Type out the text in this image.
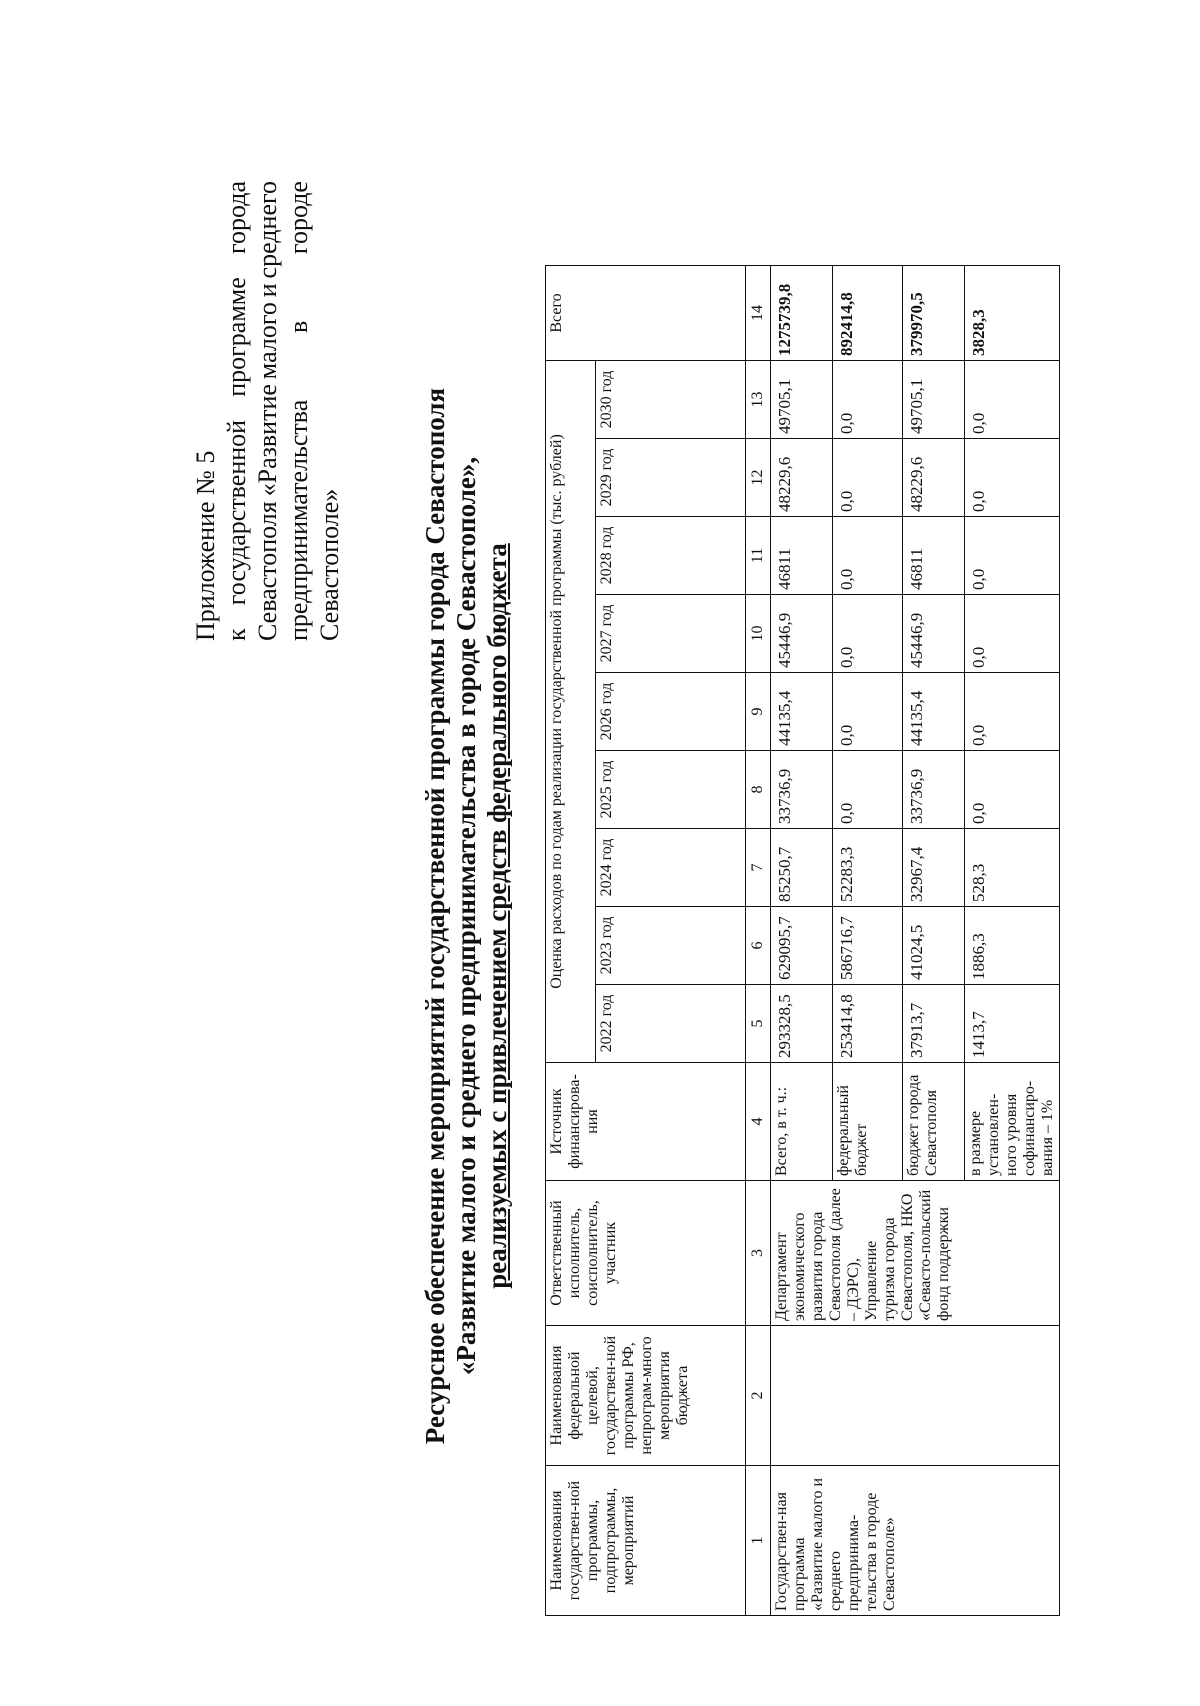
Приложение № 5 к
государственной
программе
города
Севастополя
«Развитие
малого
и
среднего
предпринимательства
в
городе
Севастополе»	Ресурсное обеспечение мероприятий государственной программы города Севастополя «Развитие малого и среднего предпринимательства в городе Севастополе», реализуемых с привлечением средств федерального бюджета
Наименования государствен-ной программы, подпрограммы, мероприятий	Наименования федеральной целевой, государствен-ной программы РФ, непрограм-много мероприятия бюджета	Ответственный исполнитель, соисполнитель, участник	Источник финансирова-ния	Оценка расходов по годам реализации государственной программы (тыс. рублей)									Всего
				2022 год	2023 год	2024 год	2025 год	2026 год	2027 год	2028 год	2029 год	2030 год	
1	2	3	4	5	6	7	8	9	10	11	12	13	14
Государствен-ная программа «Развитие малого и среднего предпринима-тельства в городе Севастополе»		Департамент экономического развития города Севастополя (далее – ДЭРС), Управление туризма города Севастополя, НКО «Севасто-польский фонд поддержки	Всего, в т. ч.:	293328,5	629095,7	85250,7	33736,9	44135,4	45446,9	46811	48229,6	49705,1	1275739,8
			федеральный бюджет	253414,8	586716,7	52283,3	0,0	0,0	0,0	0,0	0,0	0,0	892414,8
			бюджет города Севастополя	37913,7	41024,5	32967,4	33736,9	44135,4	45446,9	46811	48229,6	49705,1	379970,5
			в размере установлен-ного уровня софинансиро-вания – 1%	1413,7	1886,3	528,3	0,0	0,0	0,0	0,0	0,0	0,0	3828,3
